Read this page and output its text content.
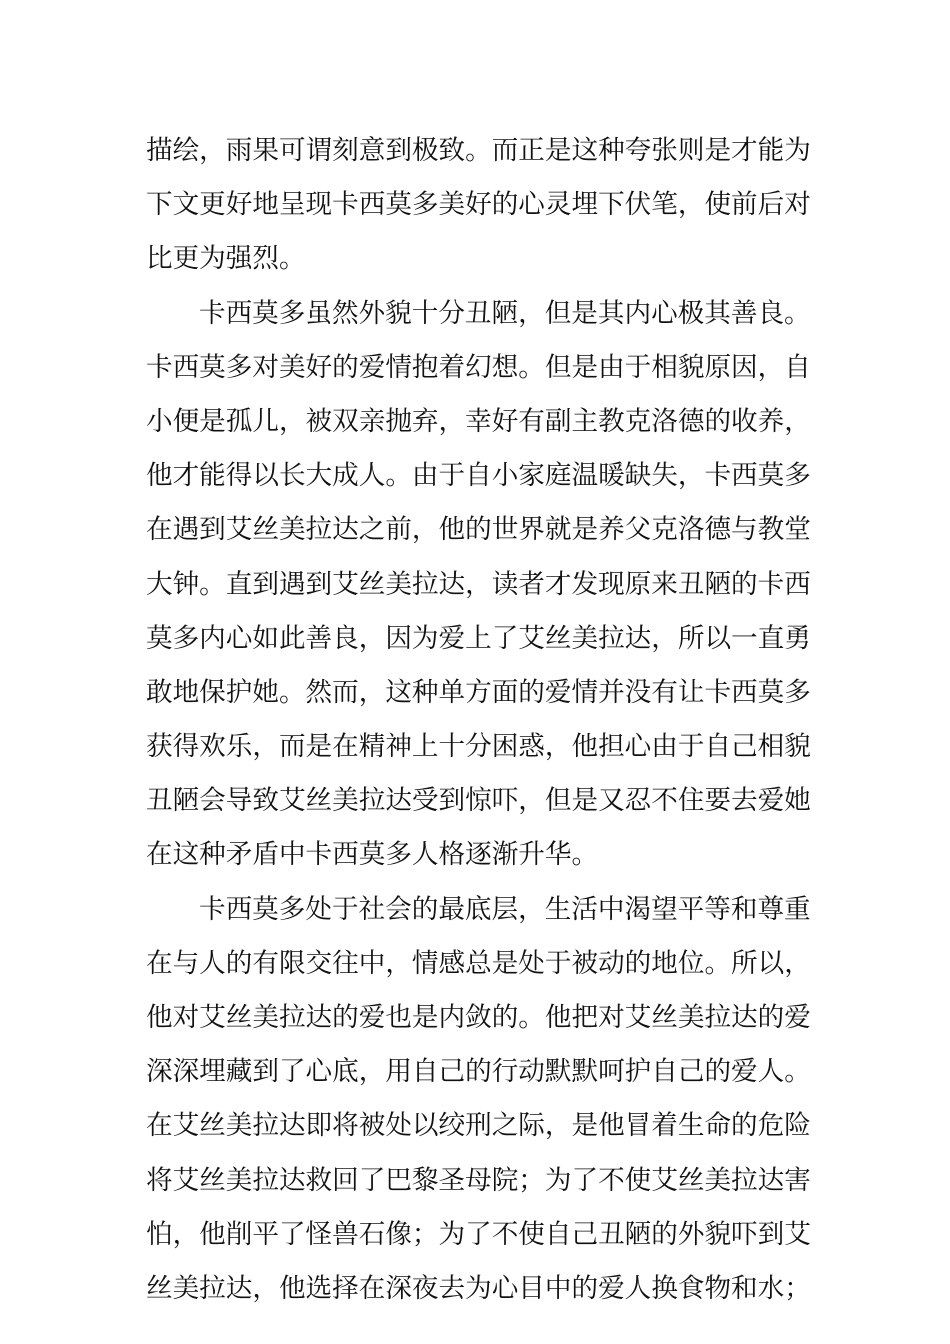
描绘，雨果可谓刻意到极致。而正是这种夸张则是才能为
下文更好地呈现卡西莫多美好的心灵埋下伏笔，使前后对
比更为强烈。
卡西莫多虽然外貌十分丑陋，但是其内心极其善良。
卡西莫多对美好的爱情抱着幻想。但是由于相貌原因，自
小便是孤儿，被双亲抛弃，幸好有副主教克洛德的收养，
他才能得以长大成人。由于自小家庭温暖缺失，卡西莫多
在遇到艾丝美拉达之前，他的世界就是养父克洛德与教堂
大钟。直到遇到艾丝美拉达，读者才发现原来丑陋的卡西
莫多内心如此善良，因为爱上了艾丝美拉达，所以一直勇
敢地保护她。然而，这种单方面的爱情并没有让卡西莫多
获得欢乐，而是在精神上十分困惑，他担心由于自己相貌
丑陋会导致艾丝美拉达受到惊吓，但是又忍不住要去爱她
在这种矛盾中卡西莫多人格逐渐升华。
卡西莫多处于社会的最底层，生活中渴望平等和尊重
在与人的有限交往中，情感总是处于被动的地位。所以，
他对艾丝美拉达的爱也是内敛的。他把对艾丝美拉达的爱
深深埋藏到了心底，用自己的行动默默呵护自己的爱人。
在艾丝美拉达即将被处以绞刑之际，是他冒着生命的危险
将艾丝美拉达救回了巴黎圣母院；为了不使艾丝美拉达害
怕，他削平了怪兽石像；为了不使自己丑陋的外貌吓到艾
丝美拉达，他选择在深夜去为心目中的爱人换食物和水；
